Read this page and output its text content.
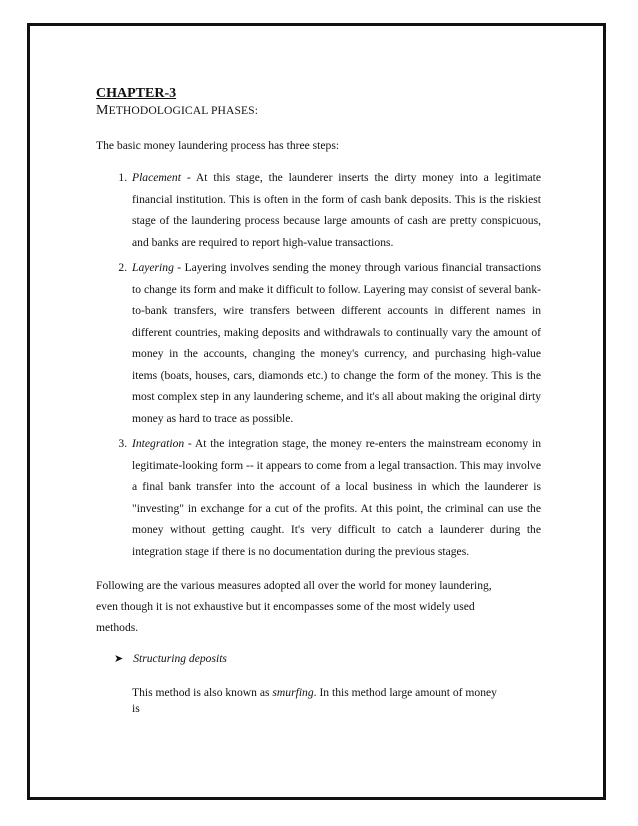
CHAPTER-3

METHODOLOGICAL PHASES:

The basic money laundering process has three steps:

1. Placement - At this stage, the launderer inserts the dirty money into a legitimate financial institution. This is often in the form of cash bank deposits. This is the riskiest stage of the laundering process because large amounts of cash are pretty conspicuous, and banks are required to report high-value transactions.
2. Layering - Layering involves sending the money through various financial transactions to change its form and make it difficult to follow. Layering may consist of several bank-to-bank transfers, wire transfers between different accounts in different names in different countries, making deposits and withdrawals to continually vary the amount of money in the accounts, changing the money's currency, and purchasing high-value items (boats, houses, cars, diamonds etc.) to change the form of the money. This is the most complex step in any laundering scheme, and it's all about making the original dirty money as hard to trace as possible.
3. Integration - At the integration stage, the money re-enters the mainstream economy in legitimate-looking form -- it appears to come from a legal transaction. This may involve a final bank transfer into the account of a local business in which the launderer is "investing" in exchange for a cut of the profits. At this point, the criminal can use the money without getting caught. It's very difficult to catch a launderer during the integration stage if there is no documentation during the previous stages.

Following are the various measures adopted all over the world for money laundering, even though it is not exhaustive but it encompasses some of the most widely used methods.

➤ Structuring deposits

This method is also known as smurfing. In this method large amount of money is
